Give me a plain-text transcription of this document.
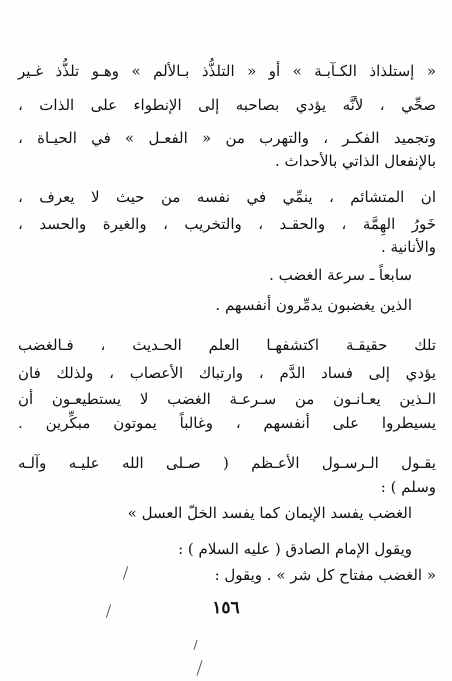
« إستلذاذ الكـآبـة » أو « التلذُّذ بـالألم » وهـو تلذُّذ غـير
صحِّي ، لأنَّه يؤدي بصاحبه إلى الإنطواء على الذات ،
وتجميد الفكـر ، والتهرب من « الفعـل » في الحيـاة ،
بالإنفعال الذاتي بالأحداث .
ان المتشائم ، ينمِّي في نفسه من حيث لا يعرف ،
خَورُ الهِمَّة ، والحقـد ، والتخريب ، والغيرة والحسد ،
والأنانية .
سابعاً ـ سرعة الغضب .
الذين يغضبون يدمِّرون أنفسهم .
تلك حقيقـة اكتشفهـا العلم الحـديث ، فـالغضب
يؤدي إلى فساد الدَّم ، وارتباك الأعصاب ، ولذلك فان
الـذين يعـانـون من سـرعـة الغضب لا يستطيعـون أن
يسيطروا على أنفسهم ، وغالباً يموتون مبكِّرين .
يقـول الـرسـول الأعـظم ( صـلى الله عليـه وآلـه
وسلم ) :
الغضب يفسد الإيمان كما يفسد الخلّ العسل »
ويقول الإمام الصادق ( عليه السلام ) :
« الغضب مفتاح كل شر » . ويقول :
١٥٦
